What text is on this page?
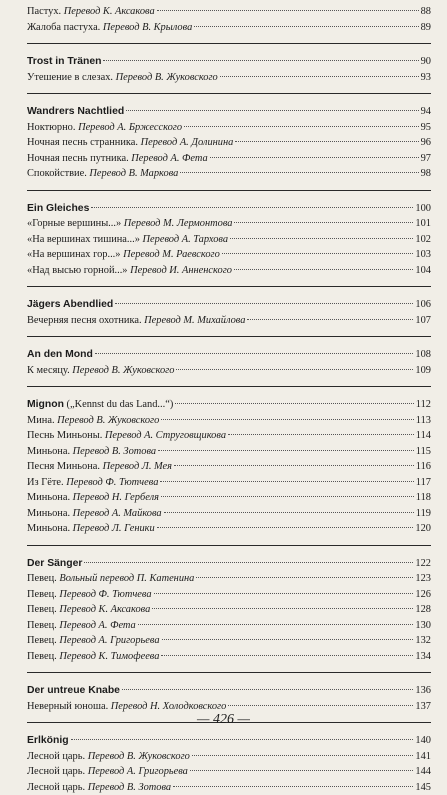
Пастух. Перевод К. Аксакова	88
Жалоба пастуха. Перевод В. Крылова	89
Trost in Tränen	90
Утешение в слезах. Перевод В. Жуковского	93
Wandrers Nachtlied	94
Ноктюрно. Перевод А. Бржесского	95
Ночная песнь странника. Перевод А. Долинина	96
Ночная песнь путника. Перевод А. Фета	97
Спокойствие. Перевод В. Маркова	98
Ein Gleiches	100
«Горные вершины...» Перевод М. Лермонтова	101
«На вершинах тишина...» Перевод А. Тархова	102
«На вершинах гор...» Перевод М. Раевского	103
«Над высью горной...» Перевод И. Анненского	104
Jägers Abendlied	106
Вечерняя песня охотника. Перевод М. Михайлова	107
An den Mond	108
К месяцу. Перевод В. Жуковского	109
Mignon („Kennst du das Land...“)	112
Мина. Перевод В. Жуковского	113
Песнь Миньоны. Перевод А. Струговщикова	114
Миньона. Перевод В. Зотова	115
Песня Миньона. Перевод Л. Мея	116
Из Гёте. Перевод Ф. Тютчева	117
Миньона. Перевод Н. Гербеля	118
Миньона. Перевод А. Майкова	119
Миньона. Перевод Л. Геники	120
Der Sänger	122
Певец. Вольный перевод П. Катенина	123
Певец. Перевод Ф. Тютчева	126
Певец. Перевод К. Аксакова	128
Певец. Перевод А. Фета	130
Певец. Перевод А. Григорьева	132
Певец. Перевод К. Тимофеева	134
Der untreue Knabe	136
Неверный юноша. Перевод Н. Холодковского	137
Erlkönig	140
Лесной царь. Перевод В. Жуковского	141
Лесной царь. Перевод А. Григорьева	144
Лесной царь. Перевод В. Зотова	145
— 426 —
